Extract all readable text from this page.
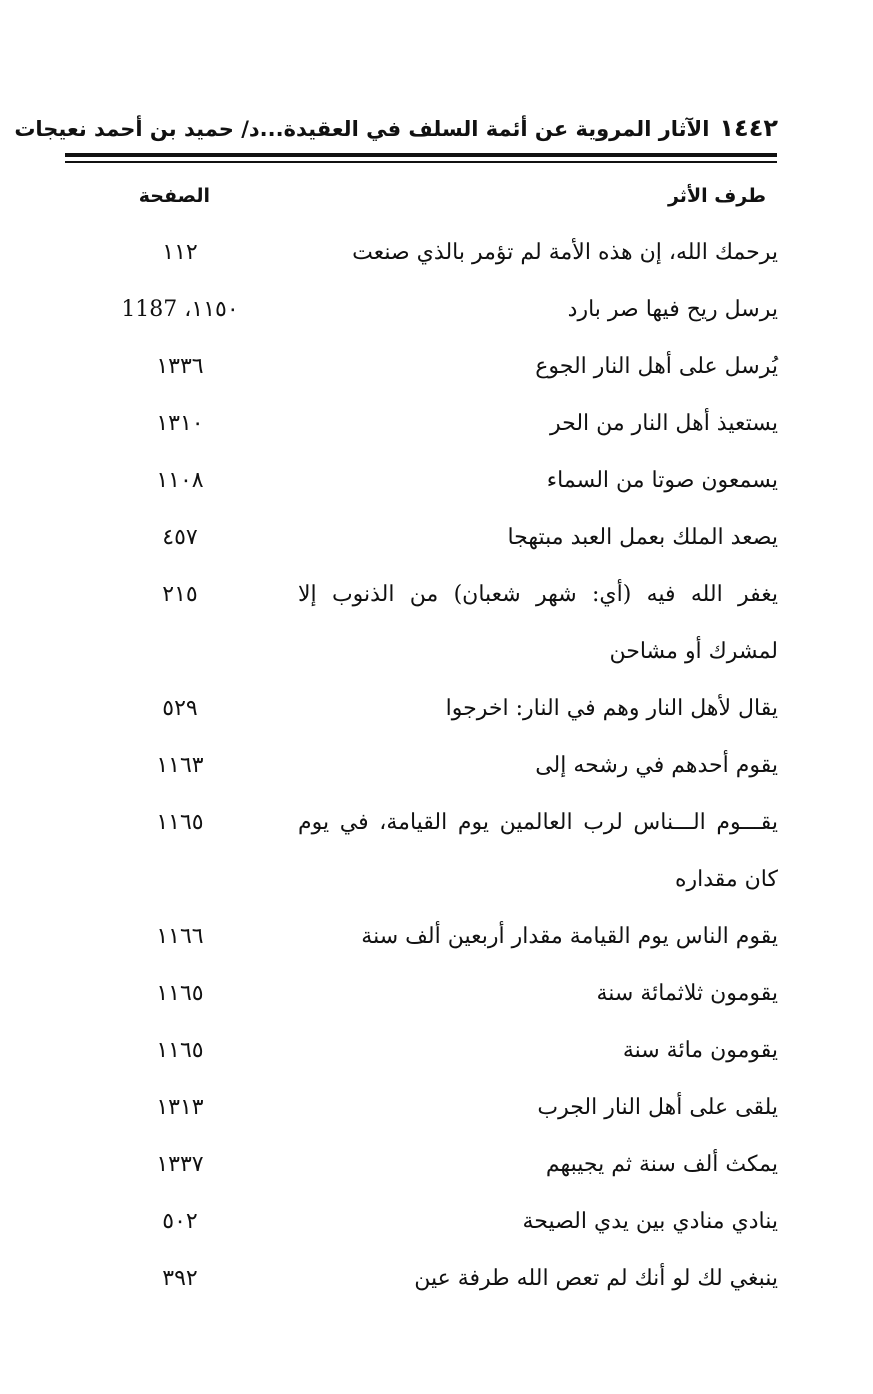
١٤٤٢الآثار المروية عن أئمة السلف في العقيدة...د/ حميد بن أحمد نعيجات
طرف الأثر
الصفحة
يرحمك الله، إن هذه الأمة لم تؤمر بالذي صنعت
١١٢
يرسل ريح فيها صر بارد
١١٥٠، 1187
يُرسل على أهل النار الجوع
١٣٣٦
يستعيذ أهل النار من الحر
١٣١٠
يسمعون صوتا من السماء
١١٠٨
يصعد الملك بعمل العبد مبتهجا
٤٥٧
يغفر الله فيه (أي: شهر شعبان) من الذنوب إلا لمشرك أو مشاحن
٢١٥
يقال لأهل النار وهم في النار: اخرجوا
٥٢٩
يقوم أحدهم في رشحه إلى
١١٦٣
يقـــوم الـــناس لرب العالمين يوم القيامة، في يوم كان مقداره
١١٦٥
يقوم الناس يوم القيامة مقدار أربعين ألف سنة
١١٦٦
يقومون ثلاثمائة سنة
١١٦٥
يقومون مائة سنة
١١٦٥
يلقى على أهل النار الجرب
١٣١٣
يمكث ألف سنة ثم يجيبهم
١٣٣٧
ينادي منادي بين يدي الصيحة
٥٠٢
ينبغي لك لو أنك لم تعص الله طرفة عين
٣٩٢
